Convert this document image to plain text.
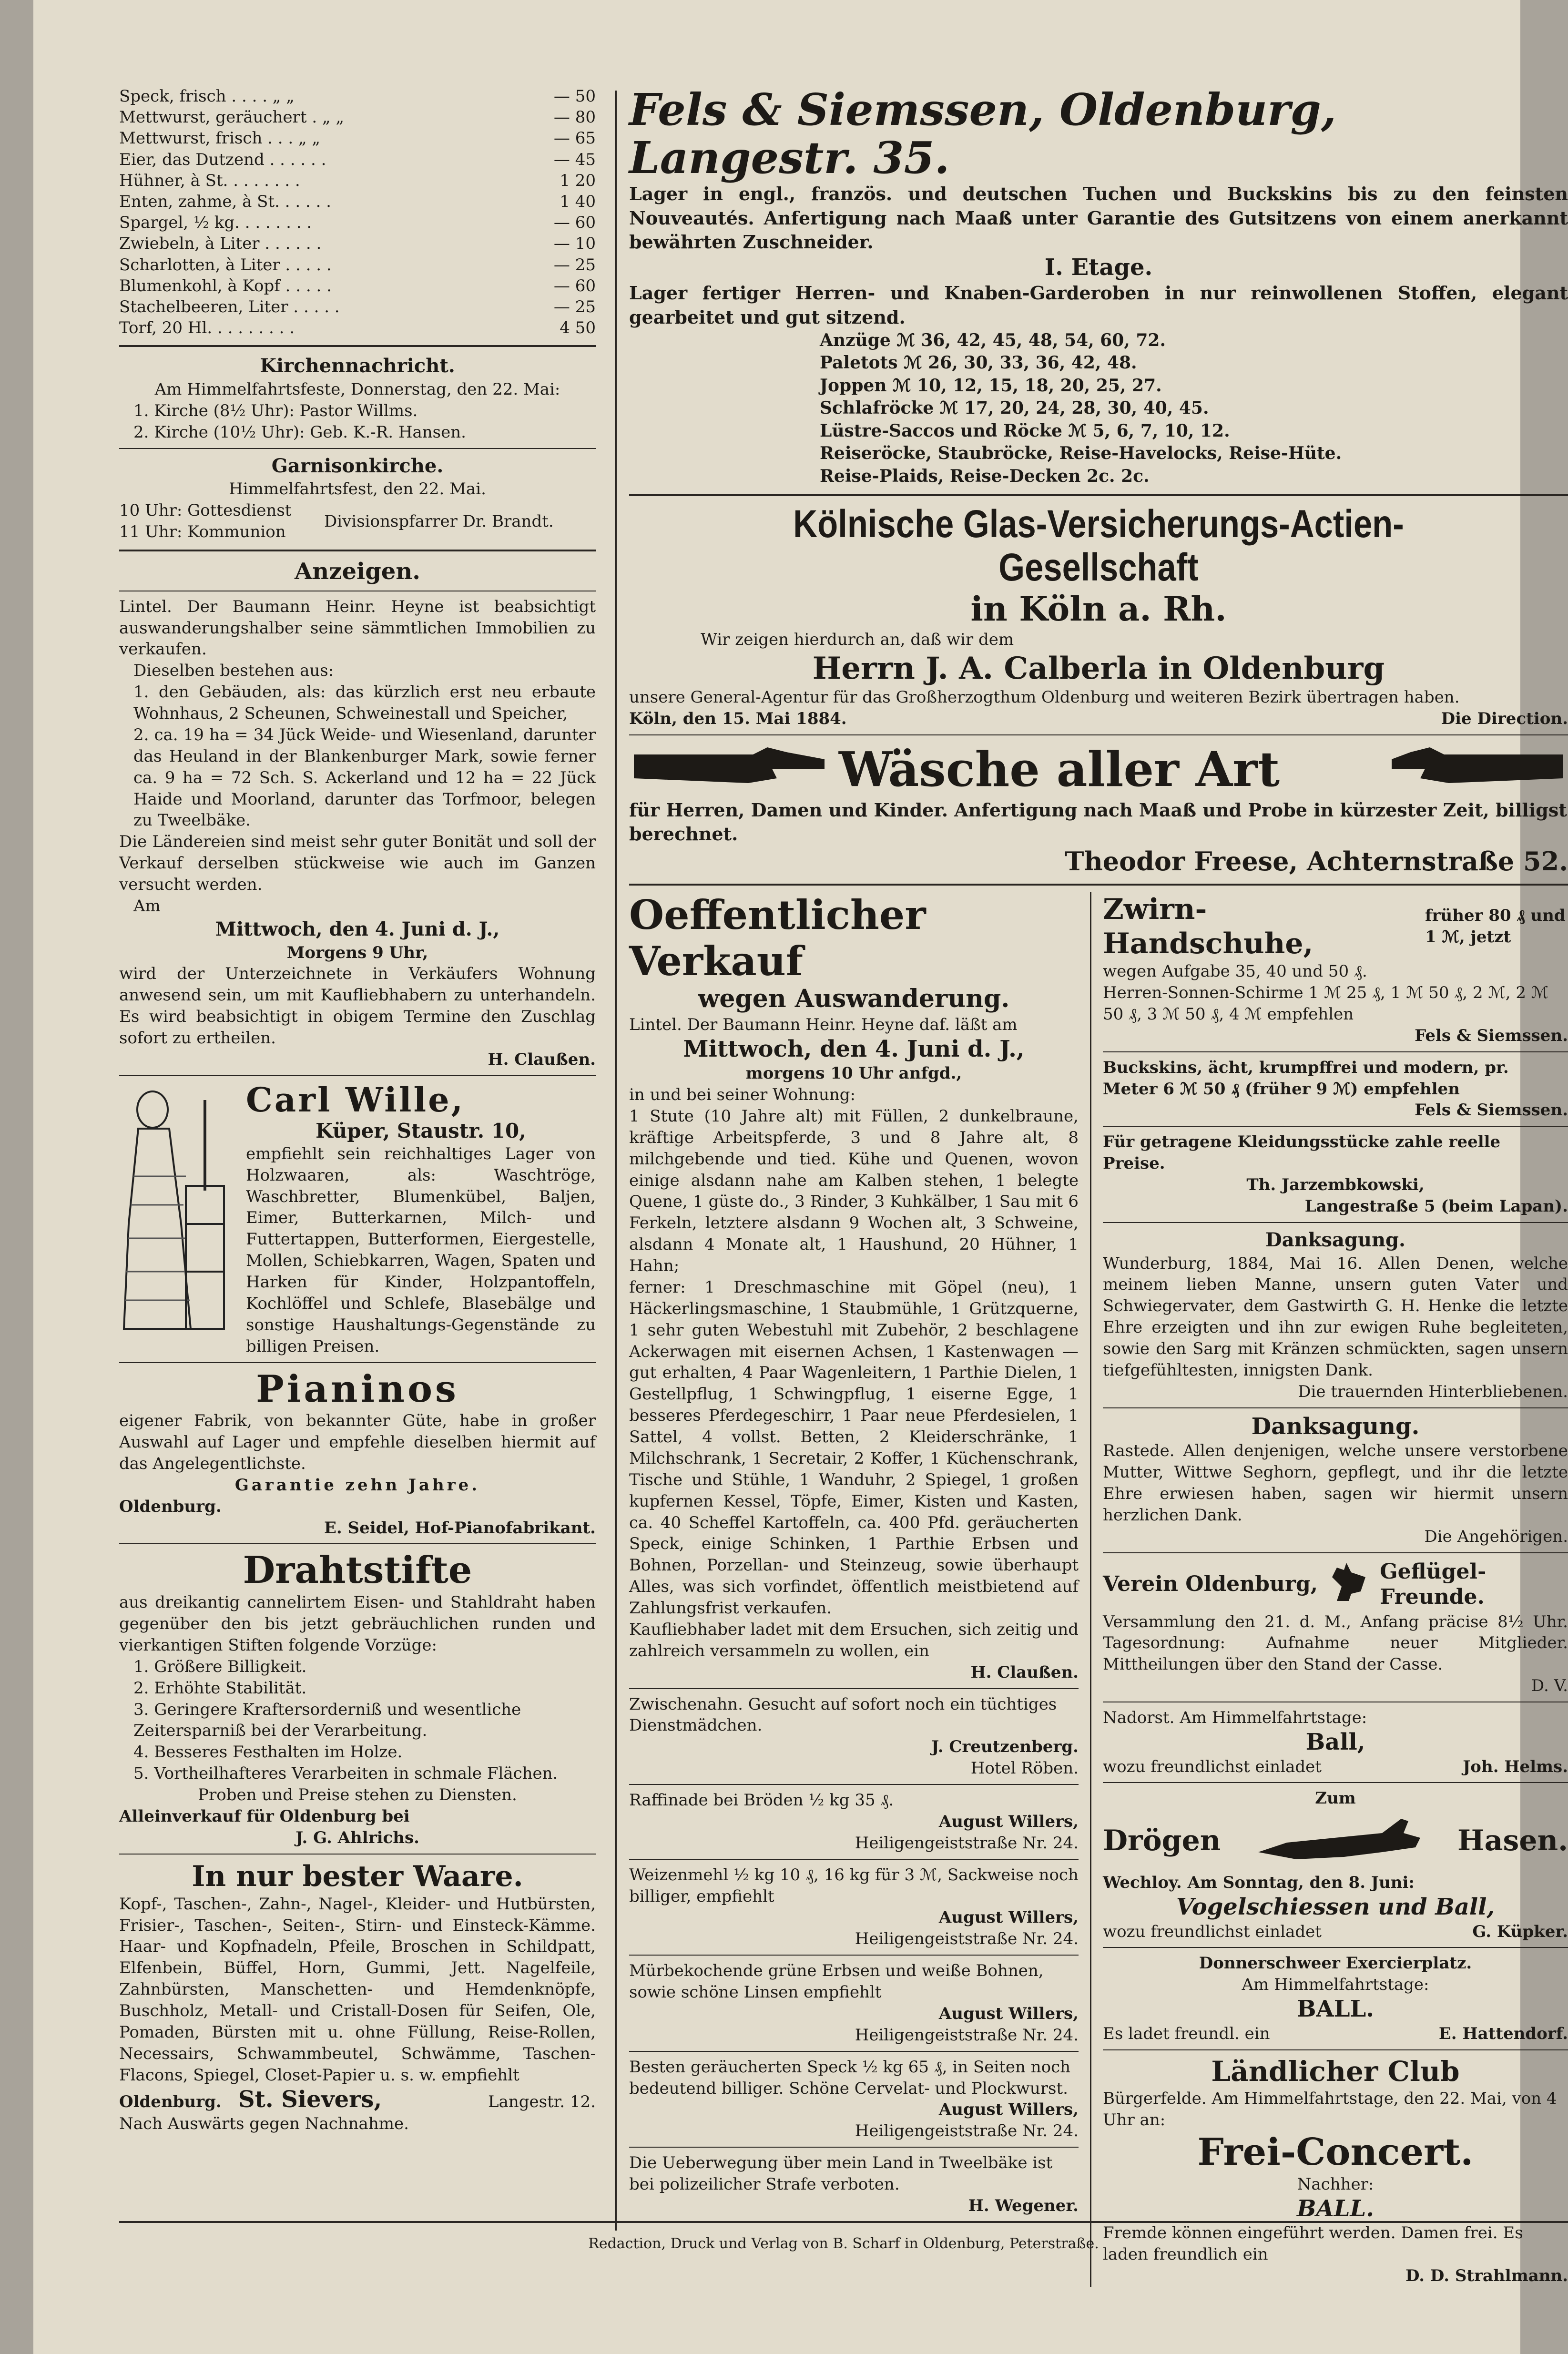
Speck, frisch . . . . „ „	— 50
Mettwurst, geräuchert . „ „	— 80
Mettwurst, frisch . . . „ „	— 65
Eier, das Dutzend . . . . . .	— 45
Hühner, à St. . . . . . . .	1 20
Enten, zahme, à St. . . . . .	1 40
Spargel, ½ kg. . . . . . . .	— 60
Zwiebeln, à Liter . . . . . .	— 10
Scharlotten, à Liter . . . . .	— 25
Blumenkohl, à Kopf . . . . .	— 60
Stachelbeeren, Liter . . . . .	— 25
Torf, 20 Hl. . . . . . . . .	4 50
Kirchennachricht.
Am Himmelfahrtsfeste, Donnerstag, den 22. Mai:
1. Kirche (8½ Uhr): Pastor Willms.
2. Kirche (10½ Uhr): Geb. K.-R. Hansen.
Garnisonkirche.
Himmelfahrtsfest, den 22. Mai.
10 Uhr: Gottesdienst
11 Uhr: Kommunion
Divisionspfarrer Dr. Brandt.
Anzeigen.
Lintel. Der Baumann Heinr. Heyne ist beabsichtigt auswanderungshalber seine sämmtlichen Immobilien zu verkaufen.
Dieselben bestehen aus:
1. den Gebäuden, als: das kürzlich erst neu erbaute Wohnhaus, 2 Scheunen, Schweinestall und Speicher,
2. ca. 19 ha = 34 Jück Weide- und Wiesenland, darunter das Heuland in der Blankenburger Mark, sowie ferner ca. 9 ha = 72 Sch. S. Ackerland und 12 ha = 22 Jück Haide und Moorland, darunter das Torfmoor, belegen zu Tweelbäke.
Die Ländereien sind meist sehr guter Bonität und soll der Verkauf derselben stückweise wie auch im Ganzen versucht werden.
Am
Mittwoch, den 4. Juni d. J.,
Morgens 9 Uhr,
wird der Unterzeichnete in Verkäufers Wohnung anwesend sein, um mit Kaufliebhabern zu unterhandeln. Es wird beabsichtigt in obigem Termine den Zuschlag sofort zu ertheilen.
H. Claußen.
Carl Wille,
Küper, Staustr. 10,
empfiehlt sein reichhaltiges Lager von Holzwaaren, als: Waschtröge, Waschbretter, Blumenkübel, Baljen, Eimer, Butterkarnen, Milch- und Futtertappen, Butterformen, Eiergestelle, Mollen, Schiebkarren, Wagen, Spaten und Harken für Kinder, Holzpantoffeln, Kochlöffel und Schlefe, Blasebälge und sonstige Haushaltungs-Gegenstände zu billigen Preisen.
Pianinos
eigener Fabrik, von bekannter Güte, habe in großer Auswahl auf Lager und empfehle dieselben hiermit auf das Angelegentlichste.
Garantie zehn Jahre.
Oldenburg.
E. Seidel, Hof-Pianofabrikant.
Drahtstifte
aus dreikantig cannelirtem Eisen- und Stahldraht haben gegenüber den bis jetzt gebräuchlichen runden und vierkantigen Stiften folgende Vorzüge:
1. Größere Billigkeit.
2. Erhöhte Stabilität.
3. Geringere Kraftersorderniß und wesentliche Zeitersparniß bei der Verarbeitung.
4. Besseres Festhalten im Holze.
5. Vortheilhafteres Verarbeiten in schmale Flächen.
Proben und Preise stehen zu Diensten.
Alleinverkauf für Oldenburg bei
J. G. Ahlrichs.
In nur bester Waare.
Kopf-, Taschen-, Zahn-, Nagel-, Kleider- und Hutbürsten, Frisier-, Taschen-, Seiten-, Stirn- und Einsteck-Kämme. Haar- und Kopfnadeln, Pfeile, Broschen in Schildpatt, Elfenbein, Büffel, Horn, Gummi, Jett. Nagelfeile, Zahnbürsten, Manschetten- und Hemdenknöpfe, Buschholz, Metall- und Cristall-Dosen für Seifen, Ole, Pomaden, Bürsten mit u. ohne Füllung, Reise-Rollen, Necessairs, Schwammbeutel, Schwämme, Taschen-Flacons, Spiegel, Closet-Papier u. s. w. empfiehlt
Oldenburg. St. Sievers,	Langestr. 12.
Nach Auswärts gegen Nachnahme.
Fels & Siemssen, Oldenburg, Langestr. 35.
Lager in engl., französ. und deutschen Tuchen und Buckskins bis zu den feinsten Nouveautés. Anfertigung nach Maaß unter Garantie des Gutsitzens von einem anerkannt bewährten Zuschneider.
I. Etage.
Lager fertiger Herren- und Knaben-Garderoben in nur reinwollenen Stoffen, elegant gearbeitet und gut sitzend.
Anzüge ℳ 36, 42, 45, 48, 54, 60, 72.
Paletots ℳ 26, 30, 33, 36, 42, 48.
Joppen ℳ 10, 12, 15, 18, 20, 25, 27.
Schlafröcke ℳ 17, 20, 24, 28, 30, 40, 45.
Lüstre-Saccos und Röcke ℳ 5, 6, 7, 10, 12.
Reiseröcke, Staubröcke, Reise-Havelocks, Reise-Hüte.
Reise-Plaids, Reise-Decken 2c. 2c.
Kölnische Glas-Versicherungs-Actien-Gesellschaft
in Köln a. Rh.
Wir zeigen hierdurch an, daß wir dem
Herrn J. A. Calberla in Oldenburg
unsere General-Agentur für das Großherzogthum Oldenburg und weiteren Bezirk übertragen haben.
Köln, den 15. Mai 1884.	Die Direction.
Wäsche aller Art
für Herren, Damen und Kinder. Anfertigung nach Maaß und Probe in kürzester Zeit, billigst berechnet.
Theodor Freese, Achternstraße 52.
Oeffentlicher Verkauf
wegen Auswanderung.
Lintel. Der Baumann Heinr. Heyne daf. läßt am
Mittwoch, den 4. Juni d. J.,
morgens 10 Uhr anfgd.,
in und bei seiner Wohnung:
1 Stute (10 Jahre alt) mit Füllen, 2 dunkelbraune, kräftige Arbeitspferde, 3 und 8 Jahre alt, 8 milchgebende und tied. Kühe und Quenen, wovon einige alsdann nahe am Kalben stehen, 1 belegte Quene, 1 güste do., 3 Rinder, 3 Kuhkälber, 1 Sau mit 6 Ferkeln, letztere alsdann 9 Wochen alt, 3 Schweine, alsdann 4 Monate alt, 1 Haushund, 20 Hühner, 1 Hahn;
ferner: 1 Dreschmaschine mit Göpel (neu), 1 Häckerlingsmaschine, 1 Staubmühle, 1 Grützquerne, 1 sehr guten Webestuhl mit Zubehör, 2 beschlagene Ackerwagen mit eisernen Achsen, 1 Kastenwagen — gut erhalten, 4 Paar Wagenleitern, 1 Parthie Dielen, 1 Gestellpflug, 1 Schwingpflug, 1 eiserne Egge, 1 besseres Pferdegeschirr, 1 Paar neue Pferdesielen, 1 Sattel, 4 vollst. Betten, 2 Kleiderschränke, 1 Milchschrank, 1 Secretair, 2 Koffer, 1 Küchenschrank, Tische und Stühle, 1 Wanduhr, 2 Spiegel, 1 großen kupfernen Kessel, Töpfe, Eimer, Kisten und Kasten, ca. 40 Scheffel Kartoffeln, ca. 400 Pfd. geräucherten Speck, einige Schinken, 1 Parthie Erbsen und Bohnen, Porzellan- und Steinzeug, sowie überhaupt Alles, was sich vorfindet, öffentlich meistbietend auf Zahlungsfrist verkaufen.
Kaufliebhaber ladet mit dem Ersuchen, sich zeitig und zahlreich versammeln zu wollen, ein
H. Claußen.
Zwischenahn. Gesucht auf sofort noch ein tüchtiges Dienstmädchen.
J. Creutzenberg.
Hotel Röben.
Raffinade bei Bröden ½ kg 35 ₰.
August Willers,
Heiligengeiststraße Nr. 24.
Weizenmehl ½ kg 10 ₰, 16 kg für 3 ℳ, Sackweise noch billiger, empfiehlt
August Willers,
Heiligengeiststraße Nr. 24.
Mürbekochende grüne Erbsen und weiße Bohnen, sowie schöne Linsen empfiehlt
August Willers,
Heiligengeiststraße Nr. 24.
Besten geräucherten Speck ½ kg 65 ₰, in Seiten noch bedeutend billiger. Schöne Cervelat- und Plockwurst.
August Willers,
Heiligengeiststraße Nr. 24.
Die Ueberwegung über mein Land in Tweelbäke ist bei polizeilicher Strafe verboten.
H. Wegener.
Zwirn-Handschuhe,
früher 80 ₰ und 1 ℳ, jetzt
wegen Aufgabe 35, 40 und 50 ₰.
Herren-Sonnen-Schirme 1 ℳ 25 ₰, 1 ℳ 50 ₰, 2 ℳ, 2 ℳ 50 ₰, 3 ℳ 50 ₰, 4 ℳ empfehlen
Fels & Siemssen.
Buckskins, ächt, krumpffrei und modern, pr. Meter 6 ℳ 50 ₰ (früher 9 ℳ) empfehlen
Fels & Siemssen.
Für getragene Kleidungsstücke zahle reelle Preise.
Th. Jarzembkowski,
Langestraße 5 (beim Lapan).
Danksagung.
Wunderburg, 1884, Mai 16. Allen Denen, welche meinem lieben Manne, unsern guten Vater und Schwiegervater, dem Gastwirth G. H. Henke die letzte Ehre erzeigten und ihn zur ewigen Ruhe begleiteten, sowie den Sarg mit Kränzen schmückten, sagen unsern tiefgefühltesten, innigsten Dank.
Die trauernden Hinterbliebenen.
Danksagung.
Rastede. Allen denjenigen, welche unsere verstorbene Mutter, Wittwe Seghorn, gepflegt, und ihr die letzte Ehre erwiesen haben, sagen wir hiermit unsern herzlichen Dank.
Die Angehörigen.
Verein Oldenburg,
Geflügel-Freunde.
Versammlung den 21. d. M., Anfang präcise 8½ Uhr. Tagesordnung: Aufnahme neuer Mitglieder. Mittheilungen über den Stand der Casse.
D. V.
Nadorst. Am Himmelfahrtstage:
Ball,
wozu freundlichst einladet	Joh. Helms.
Zum
Drögen	Hasen.
Wechloy. Am Sonntag, den 8. Juni:
Vogelschiessen und Ball,
wozu freundlichst einladet	G. Küpker.
Donnerschweer Exercierplatz.
Am Himmelfahrtstage:
BALL.
Es ladet freundl. ein	E. Hattendorf.
Ländlicher Club
Bürgerfelde. Am Himmelfahrtstage, den 22. Mai, von 4 Uhr an:
Frei-Concert.
Nachher:
BALL.
Fremde können eingeführt werden. Damen frei. Es laden freundlich ein
D. D. Strahlmann.
Redaction, Druck und Verlag von B. Scharf in Oldenburg, Peterstraße.
